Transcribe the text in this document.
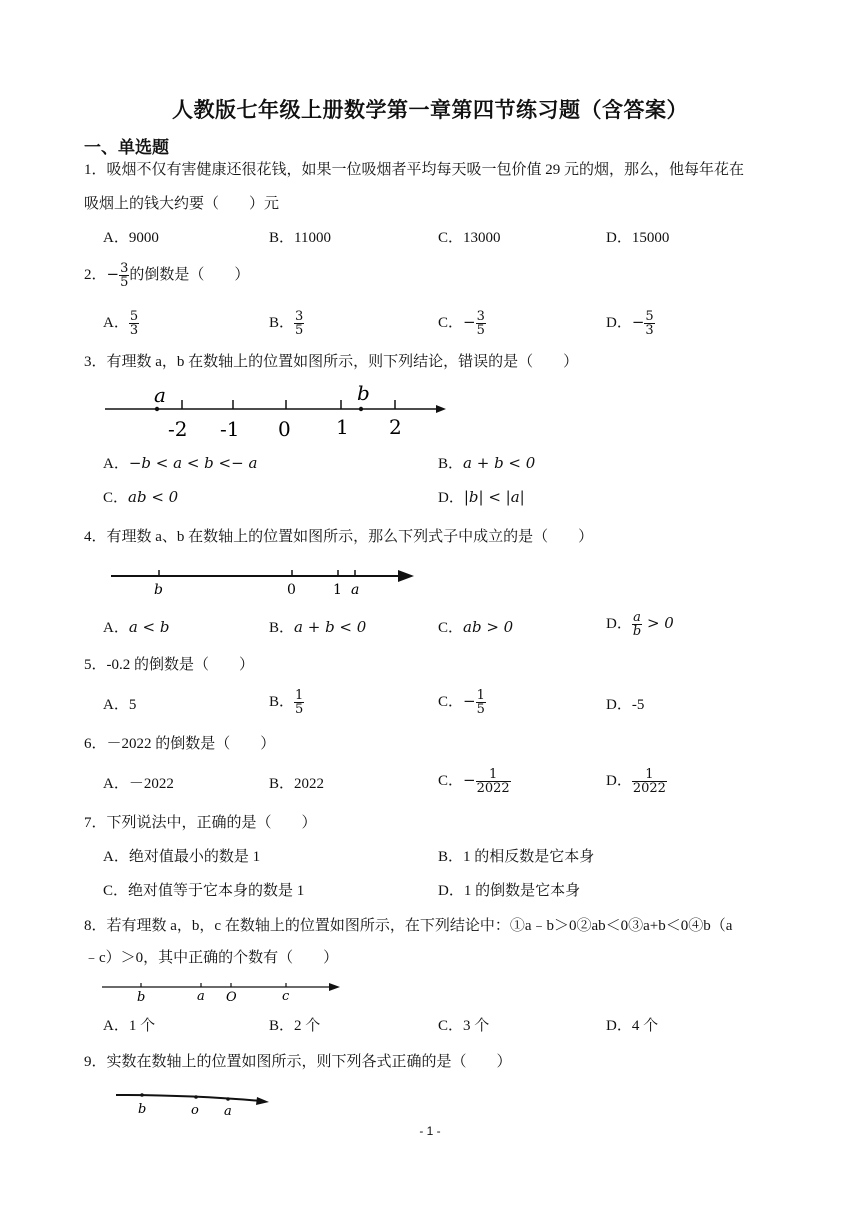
人教版七年级上册数学第一章第四节练习题（含答案）
一、单选题
1．吸烟不仅有害健康还很花钱，如果一位吸烟者平均每天吸一包价值 29 元的烟，那么，他每年花在
吸烟上的钱大约要（　　）元
A．9000	B．11000	C．13000	D．15000
2．− $\frac{3}{5}$ 的倒数是（　　）
A． $\frac{5}{3}$	B． $\frac{3}{5}$	C．− $\frac{3}{5}$	D．− $\frac{5}{3}$
3．有理数 a，b 在数轴上的位置如图所示，则下列结论，错误的是（　　）
a
-2 -1 0 1
b
2
A．−b < a < b <− a	B．a + b < 0
C．ab < 0	D．|b| < |a|
4．有理数 a、b 在数轴上的位置如图所示，那么下列式子中成立的是（　　）
b	0	1 a
A．a < b	B．a + b < 0	C．ab > 0	D． $\frac{a}{b} > 0$
5．-0.2 的倒数是（　　）
A．5	B． $\frac{1}{5}$	C．− $\frac{1}{5}$	D．-5
6．－2022 的倒数是（　　）
A．－2022	B．2022	C．− $\frac{1}{2022}$	D． $\frac{1}{2022}$
7．下列说法中，正确的是（　　）
A．绝对值最小的数是 1	B．1 的相反数是它本身
C．绝对值等于它本身的数是 1	D．1 的倒数是它本身
8．若有理数 a，b，c 在数轴上的位置如图所示，在下列结论中：①a﹣b＞0②ab＜0③a+b＜0④b（a
﹣c）＞0，其中正确的个数有（　　）
b	a O	c
A．1 个	B．2 个	C．3 个	D．4 个
9．实数在数轴上的位置如图所示，则下列各式正确的是（　　）
b	o a
- 1 -
